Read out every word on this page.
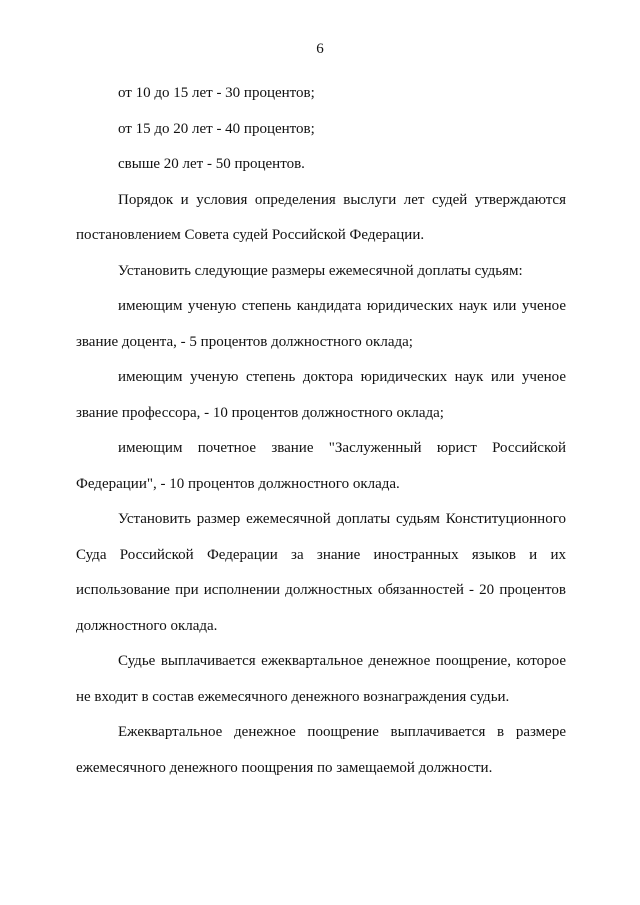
6

от 10 до 15 лет - 30 процентов;

от 15 до 20 лет - 40 процентов;

свыше 20 лет - 50 процентов.

Порядок и условия определения выслуги лет судей утверждаются постановлением Совета судей Российской Федерации.

Установить следующие размеры ежемесячной доплаты судьям:

имеющим ученую степень кандидата юридических наук или ученое звание доцента, - 5 процентов должностного оклада;

имеющим ученую степень доктора юридических наук или ученое звание профессора, - 10 процентов должностного оклада;

имеющим почетное звание "Заслуженный юрист Российской Федерации", - 10 процентов должностного оклада.

Установить размер ежемесячной доплаты судьям Конституционного Суда Российской Федерации за знание иностранных языков и их использование при исполнении должностных обязанностей - 20 процентов должностного оклада.

Судье выплачивается ежеквартальное денежное поощрение, которое не входит в состав ежемесячного денежного вознаграждения судьи.

Ежеквартальное денежное поощрение выплачивается в размере ежемесячного денежного поощрения по замещаемой должности.
